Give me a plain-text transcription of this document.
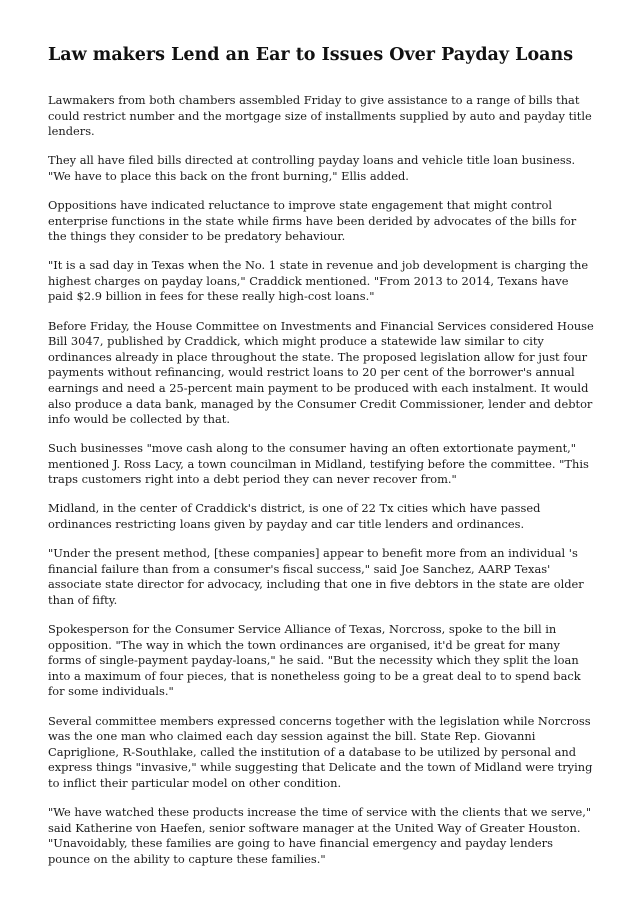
Law makers Lend an Ear to Issues Over Payday Loans

Lawmakers from both chambers assembled Friday to give assistance to a range of bills that could restrict number and the mortgage size of installments supplied by auto and payday title lenders.

They all have filed bills directed at controlling payday loans and vehicle title loan business. "We have to place this back on the front burning," Ellis added.

Oppositions have indicated reluctance to improve state engagement that might control enterprise functions in the state while firms have been derided by advocates of the bills for the things they consider to be predatory behaviour.

"It is a sad day in Texas when the No. 1 state in revenue and job development is charging the highest charges on payday loans," Craddick mentioned. "From 2013 to 2014, Texans have paid $2.9 billion in fees for these really high-cost loans."

Before Friday, the House Committee on Investments and Financial Services considered House Bill 3047, published by Craddick, which might produce a statewide law similar to city ordinances already in place throughout the state. The proposed legislation allow for just four payments without refinancing, would restrict loans to 20 per cent of the borrower's annual earnings and need a 25-percent main payment to be produced with each instalment. It would also produce a data bank, managed by the Consumer Credit Commissioner, lender and debtor info would be collected by that.

Such businesses "move cash along to the consumer having an often extortionate payment," mentioned J. Ross Lacy, a town councilman in Midland, testifying before the committee. "This traps customers right into a debt period they can never recover from."

Midland, in the center of Craddick's district, is one of 22 Tx cities which have passed ordinances restricting loans given by payday and car title lenders and ordinances.

"Under the present method, [these companies] appear to benefit more from an individual 's financial failure than from a consumer's fiscal success," said Joe Sanchez, AARP Texas' associate state director for advocacy, including that one in five debtors in the state are older than of fifty.

Spokesperson for the Consumer Service Alliance of Texas, Norcross, spoke to the bill in opposition. "The way in which the town ordinances are organised, it'd be great for many forms of single-payment payday-loans," he said. "But the necessity which they split the loan into a maximum of four pieces, that is nonetheless going to be a great deal to to spend back for some individuals."

Several committee members expressed concerns together with the legislation while Norcross was the one man who claimed each day session against the bill. State Rep. Giovanni Capriglione, R-Southlake, called the institution of a database to be utilized by personal and express things "invasive," while suggesting that Delicate and the town of Midland were trying to inflict their particular model on other condition.

"We have watched these products increase the time of service with the clients that we serve," said Katherine von Haefen, senior software manager at the United Way of Greater Houston. "Unavoidably, these families are going to have financial emergency and payday lenders pounce on the ability to capture these families."
